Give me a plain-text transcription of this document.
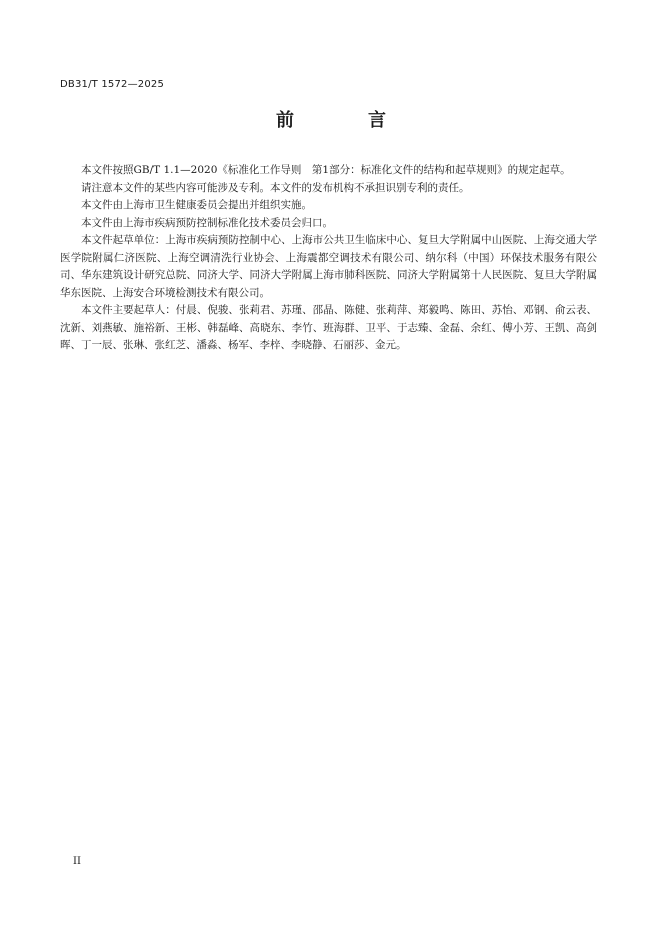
DB31/T 1572—2025
前　言

本文件按照GB/T 1.1—2020《标准化工作导则　第1部分：标准化文件的结构和起草规则》的规定起草。

请注意本文件的某些内容可能涉及专利。本文件的发布机构不承担识别专利的责任。

本文件由上海市卫生健康委员会提出并组织实施。

本文件由上海市疾病预防控制标准化技术委员会归口。

本文件起草单位：上海市疾病预防控制中心、上海市公共卫生临床中心、复旦大学附属中山医院、上海交通大学医学院附属仁济医院、上海空调清洗行业协会、上海震都空调技术有限公司、纳尔科（中国）环保技术服务有限公司、华东建筑设计研究总院、同济大学、同济大学附属上海市肺科医院、同济大学附属第十人民医院、复旦大学附属华东医院、上海安合环境检测技术有限公司。

本文件主要起草人：付晨、倪骏、张莉君、苏瑾、邵晶、陈健、张莉萍、郑毅鸣、陈田、苏怡、邓钢、俞云表、沈新、刘燕敏、施裕新、王彬、韩磊峰、高晓东、李竹、班海群、卫平、于志臻、金磊、余红、傅小芳、王凯、高剑晖、丁一辰、张琳、张红芝、潘淼、杨军、李梓、李晓静、石丽莎、金元。

II
